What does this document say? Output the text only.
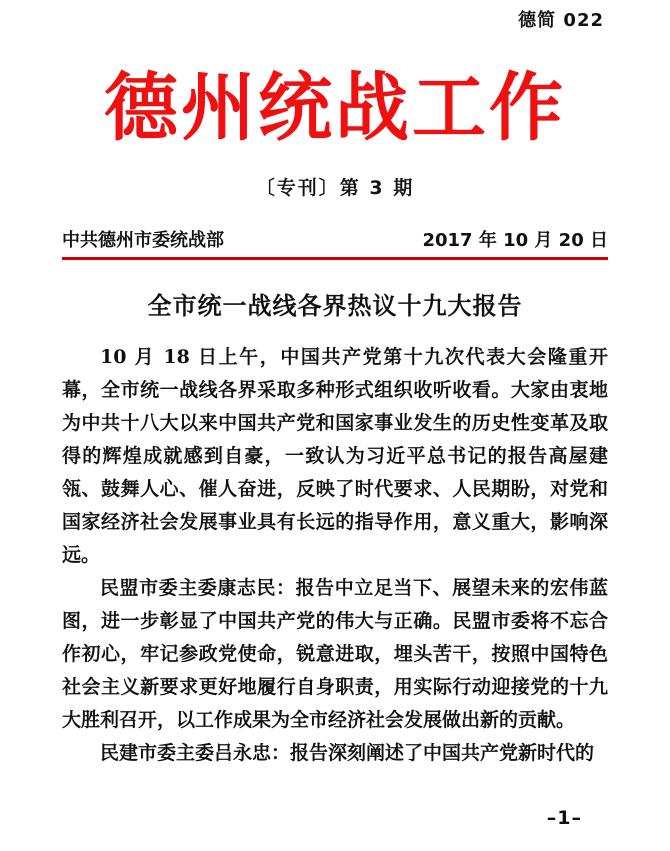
德简 022
德州统战工作
〔专刊〕第 3 期
中共德州市委统战部	2017 年 10 月 20 日
全市统一战线各界热议十九大报告

10 月 18 日上午，中国共产党第十九次代表大会隆重开幕，全市统一战线各界采取多种形式组织收听收看。大家由衷地为中共十八大以来中国共产党和国家事业发生的历史性变革及取得的辉煌成就感到自豪，一致认为习近平总书记的报告高屋建瓴、鼓舞人心、催人奋进，反映了时代要求、人民期盼，对党和国家经济社会发展事业具有长远的指导作用，意义重大，影响深远。

民盟市委主委康志民：报告中立足当下、展望未来的宏伟蓝图，进一步彰显了中国共产党的伟大与正确。民盟市委将不忘合作初心，牢记参政党使命，锐意进取，埋头苦干，按照中国特色社会主义新要求更好地履行自身职责，用实际行动迎接党的十九大胜利召开，以工作成果为全市经济社会发展做出新的贡献。

民建市委主委吕永忠：报告深刻阐述了中国共产党新时代的

–1–
